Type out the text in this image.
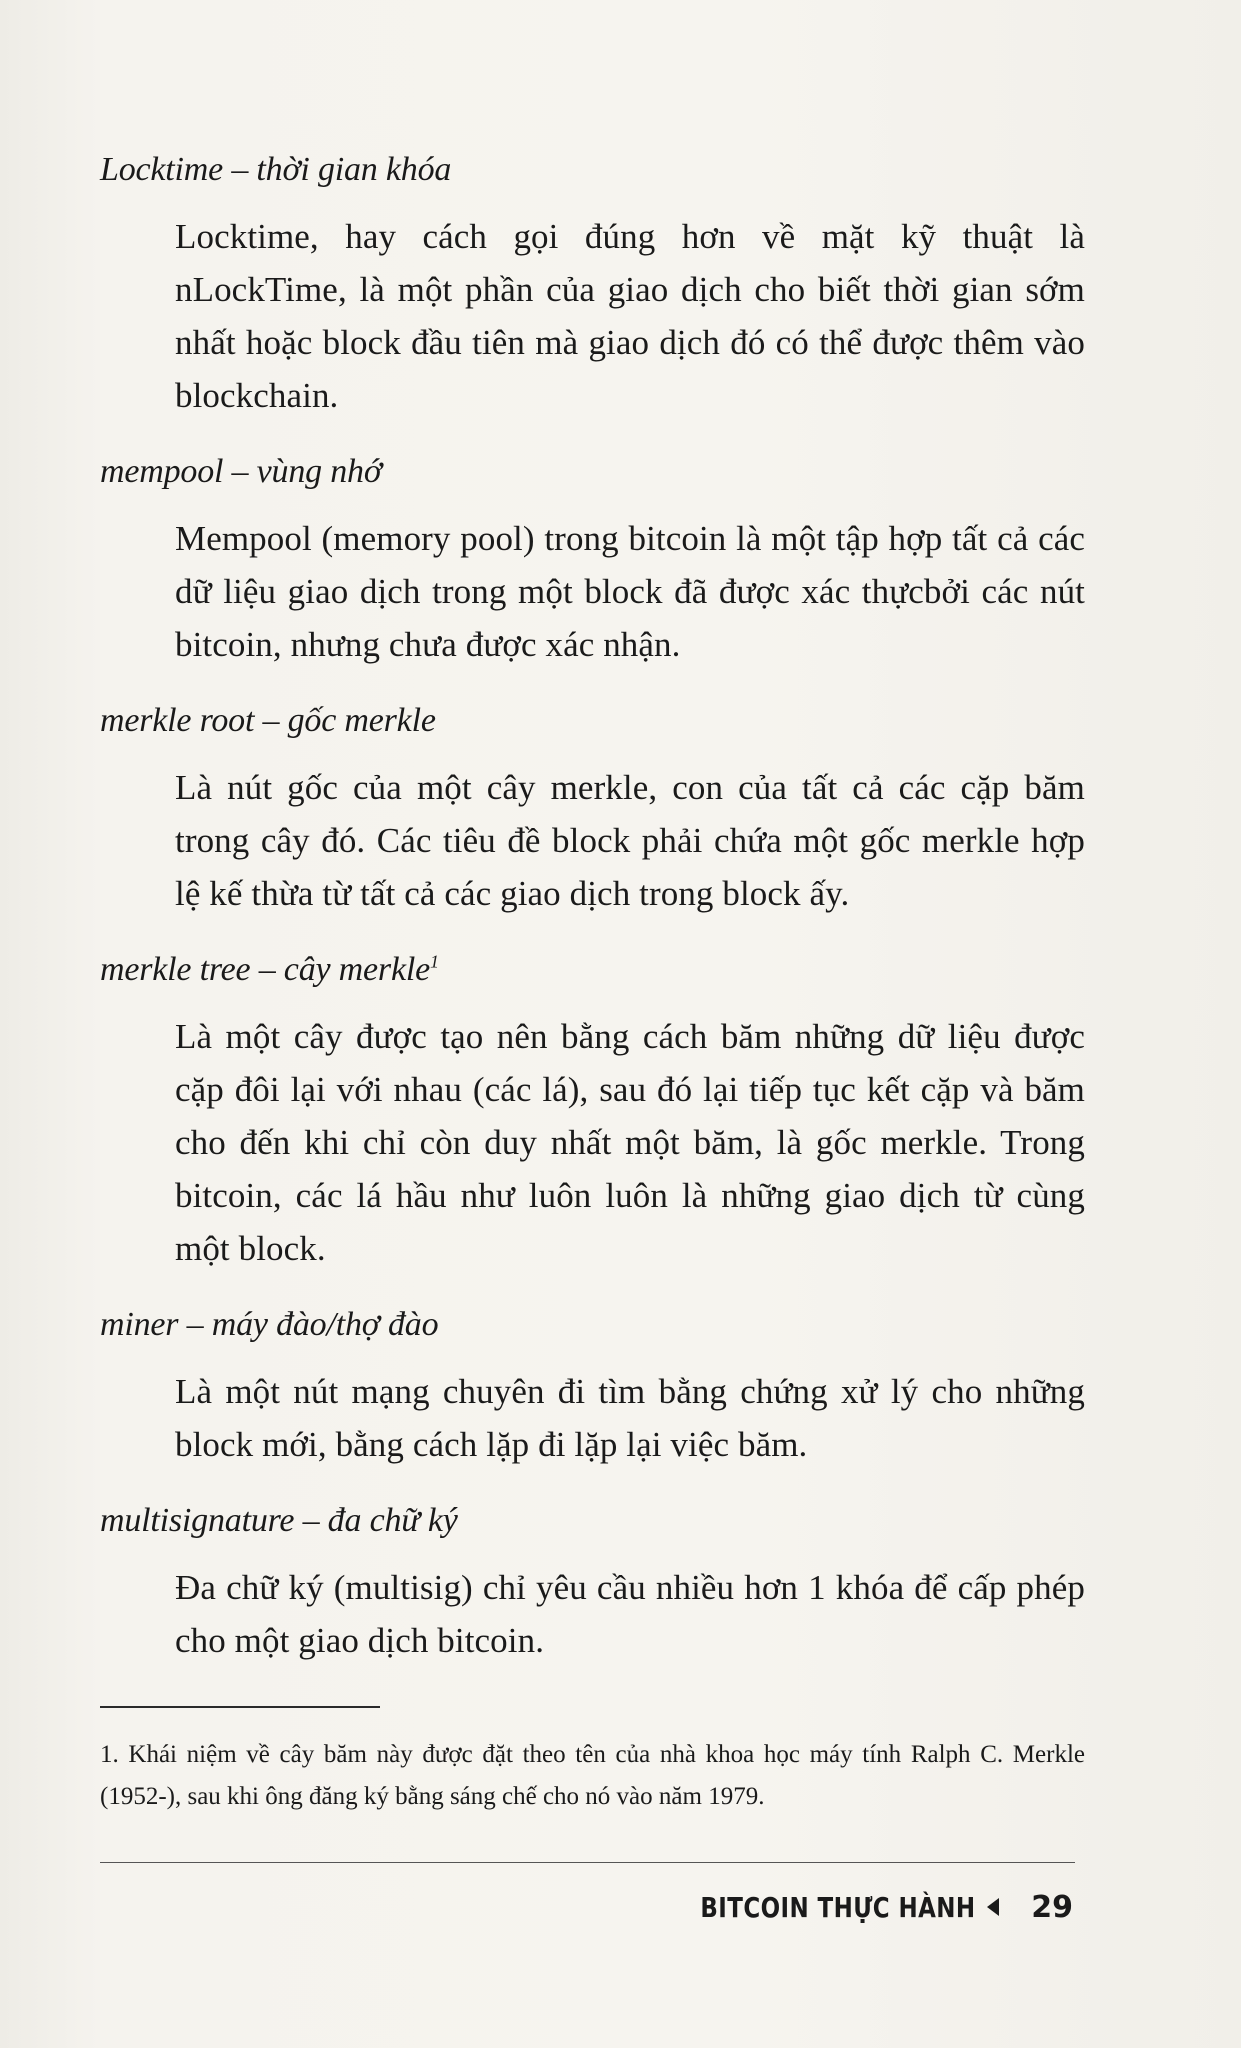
Locktime – thời gian khóa

Locktime, hay cách gọi đúng hơn về mặt kỹ thuật là nLockTime, là một phần của giao dịch cho biết thời gian sớm nhất hoặc block đầu tiên mà giao dịch đó có thể được thêm vào blockchain.

mempool – vùng nhớ

Mempool (memory pool) trong bitcoin là một tập hợp tất cả các dữ liệu giao dịch trong một block đã được xác thựcbởi các nút bitcoin, nhưng chưa được xác nhận.

merkle root – gốc merkle

Là nút gốc của một cây merkle, con của tất cả các cặp băm trong cây đó. Các tiêu đề block phải chứa một gốc merkle hợp lệ kế thừa từ tất cả các giao dịch trong block ấy.

merkle tree – cây merkle$^1$

Là một cây được tạo nên bằng cách băm những dữ liệu được cặp đôi lại với nhau (các lá), sau đó lại tiếp tục kết cặp và băm cho đến khi chỉ còn duy nhất một băm, là gốc merkle. Trong bitcoin, các lá hầu như luôn luôn là những giao dịch từ cùng một block.

miner – máy đào/thợ đào

Là một nút mạng chuyên đi tìm bằng chứng xử lý cho những block mới, bằng cách lặp đi lặp lại việc băm.

multisignature – đa chữ ký

Đa chữ ký (multisig) chỉ yêu cầu nhiều hơn 1 khóa để cấp phép cho một giao dịch bitcoin.

1. Khái niệm về cây băm này được đặt theo tên của nhà khoa học máy tính Ralph C. Merkle (1952-), sau khi ông đăng ký bằng sáng chế cho nó vào năm 1979.

BITCOIN THỰC HÀNH 29
